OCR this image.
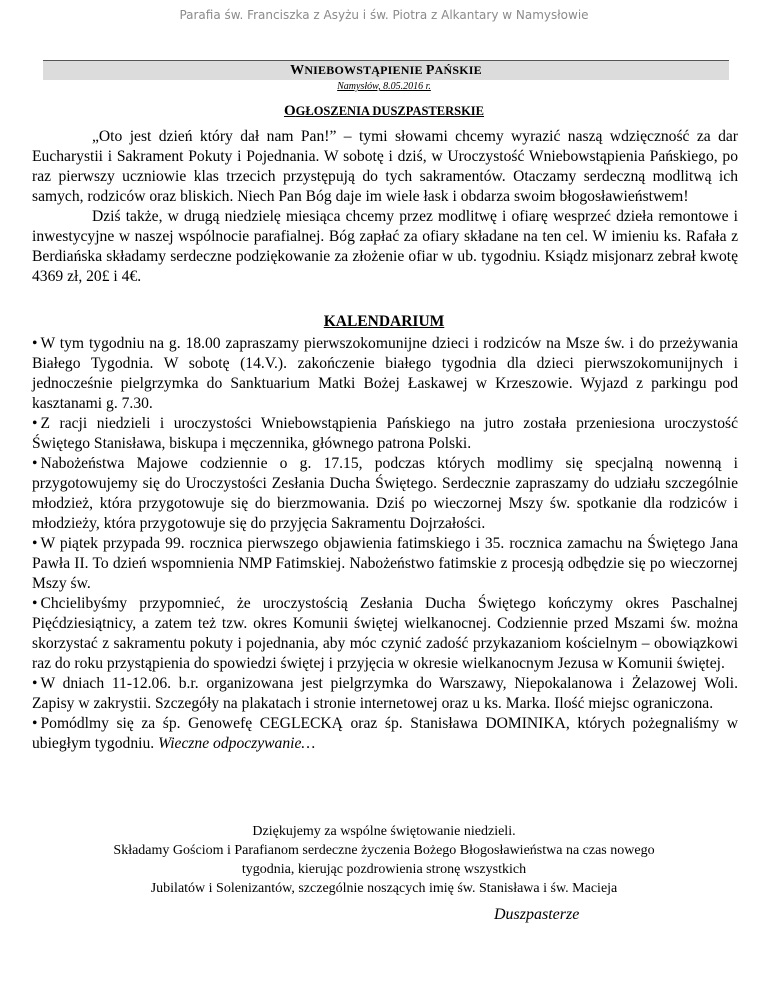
Parafia św. Franciszka z Asyżu i św. Piotra z Alkantary w Namysłowie
WNIEBOWSTĄPIENIE PAŃSKIE
Namysłów, 8.05.2016 r.
OGŁOSZENIA DUSZPASTERSKIE

„Oto jest dzień który dał nam Pan!” – tymi słowami chcemy wyrazić naszą wdzięczność za dar Eucharystii i Sakrament Pokuty i Pojednania. W sobotę i dziś, w Uroczystość Wniebowstąpienia Pańskiego, po raz pierwszy uczniowie klas trzecich przystępują do tych sakramentów. Otaczamy serdeczną modlitwą ich samych, rodziców oraz bliskich. Niech Pan Bóg daje im wiele łask i obdarza swoim błogosławieństwem!

Dziś także, w drugą niedzielę miesiąca chcemy przez modlitwę i ofiarę wesprzeć dzieła remontowe i inwestycyjne w naszej wspólnocie parafialnej. Bóg zapłać za ofiary składane na ten cel. W imieniu ks. Rafała z Berdiańska składamy serdeczne podziękowanie za złożenie ofiar w ub. tygodniu. Ksiądz misjonarz zebrał kwotę 4369 zł, 20£ i 4€.

KALENDARIUM

• W tym tygodniu na g. 18.00 zapraszamy pierwszokomunijne dzieci i rodziców na Msze św. i do przeżywania Białego Tygodnia. W sobotę (14.V.). zakończenie białego tygodnia dla dzieci pierwszokomunijnych i jednocześnie pielgrzymka do Sanktuarium Matki Bożej Łaskawej w Krzeszowie. Wyjazd z parkingu pod kasztanami g. 7.30.

• Z racji niedzieli i uroczystości Wniebowstąpienia Pańskiego na jutro została przeniesiona uroczystość Świętego Stanisława, biskupa i męczennika, głównego patrona Polski.

• Nabożeństwa Majowe codziennie o g. 17.15, podczas których modlimy się specjalną nowenną i przygotowujemy się do Uroczystości Zesłania Ducha Świętego. Serdecznie zapraszamy do udziału szczególnie młodzież, która przygotowuje się do bierzmowania. Dziś po wieczornej Mszy św. spotkanie dla rodziców i młodzieży, która przygotowuje się do przyjęcia Sakramentu Dojrzałości.

• W piątek przypada 99. rocznica pierwszego objawienia fatimskiego i 35. rocznica zamachu na Świętego Jana Pawła II. To dzień wspomnienia NMP Fatimskiej. Nabożeństwo fatimskie z procesją odbędzie się po wieczornej Mszy św.

• Chcielibyśmy przypomnieć, że uroczystością Zesłania Ducha Świętego kończymy okres Paschalnej Pięćdziesiątnicy, a zatem też tzw. okres Komunii świętej wielkanocnej. Codziennie przed Mszami św. można skorzystać z sakramentu pokuty i pojednania, aby móc czynić zadość przykazaniom kościelnym – obowiązkowi raz do roku przystąpienia do spowiedzi świętej i przyjęcia w okresie wielkanocnym Jezusa w Komunii świętej.

• W dniach 11-12.06. b.r. organizowana jest pielgrzymka do Warszawy, Niepokalanowa i Żelazowej Woli. Zapisy w zakrystii. Szczegóły na plakatach i stronie internetowej oraz u ks. Marka. Ilość miejsc ograniczona.

• Pomódlmy się za śp. Genowefę CEGLECKĄ oraz śp. Stanisława DOMINIKA, których pożegnaliśmy w ubiegłym tygodniu. Wieczne odpoczywanie…

Dziękujemy za wspólne świętowanie niedzieli.

Składamy Gościom i Parafianom serdeczne życzenia Bożego Błogosławieństwa na czas nowego

tygodnia, kierując pozdrowienia stronę wszystkich

Jubilatów i Solenizantów, szczególnie noszących imię św. Stanisława i św. Macieja

Duszpasterze
